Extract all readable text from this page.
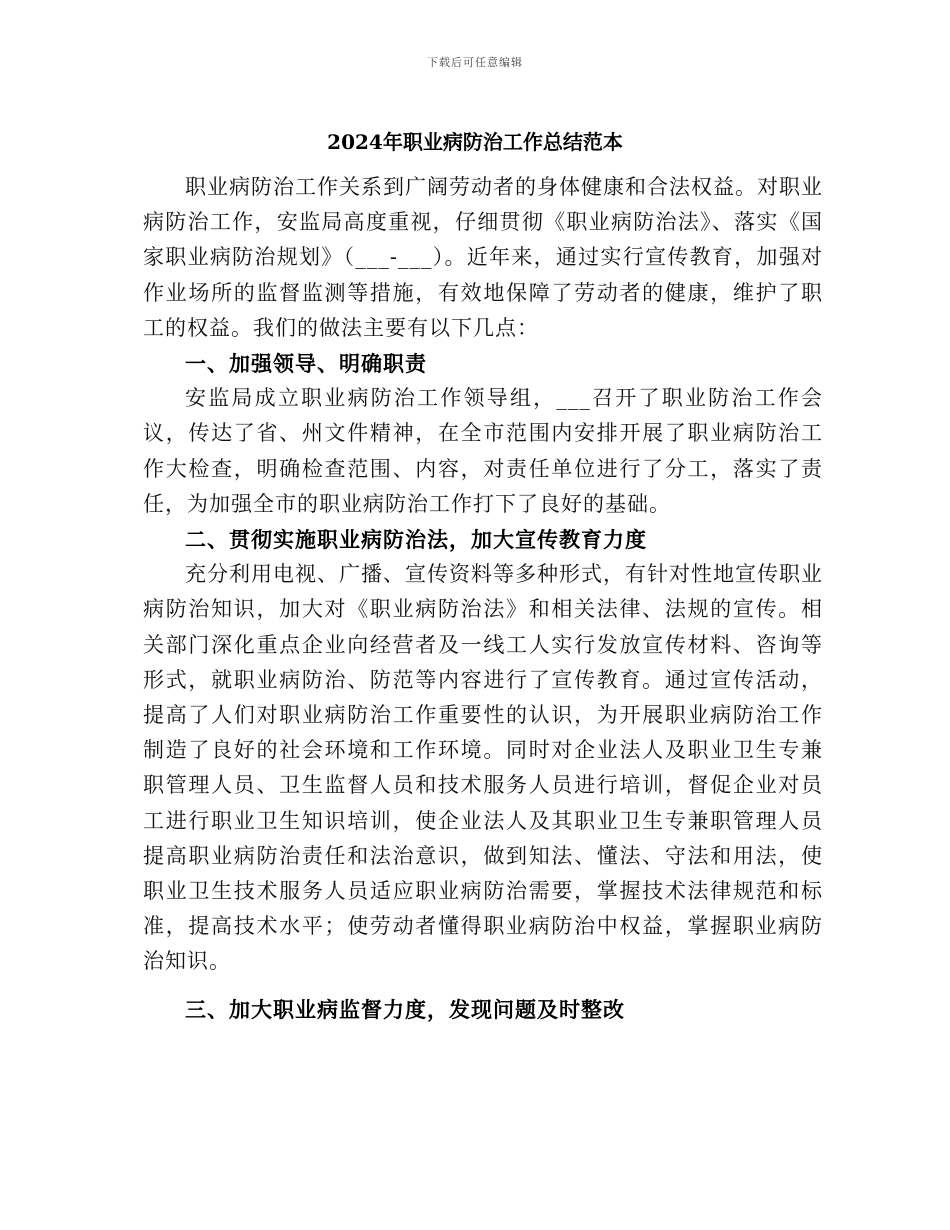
下载后可任意编辑
2024年职业病防治工作总结范本

职业病防治工作关系到广阔劳动者的身体健康和合法权益。对职业病防治工作，安监局高度重视，仔细贯彻《职业病防治法》、落实《国家职业病防治规划》（___-___）。近年来，通过实行宣传教育，加强对作业场所的监督监测等措施，有效地保障了劳动者的健康，维护了职工的权益。我们的做法主要有以下几点：

一、加强领导、明确职责

安监局成立职业病防治工作领导组，___召开了职业防治工作会议，传达了省、州文件精神，在全市范围内安排开展了职业病防治工作大检查，明确检查范围、内容，对责任单位进行了分工，落实了责任，为加强全市的职业病防治工作打下了良好的基础。

二、贯彻实施职业病防治法，加大宣传教育力度

充分利用电视、广播、宣传资料等多种形式，有针对性地宣传职业病防治知识，加大对《职业病防治法》和相关法律、法规的宣传。相关部门深化重点企业向经营者及一线工人实行发放宣传材料、咨询等形式，就职业病防治、防范等内容进行了宣传教育。通过宣传活动，提高了人们对职业病防治工作重要性的认识，为开展职业病防治工作制造了良好的社会环境和工作环境。同时对企业法人及职业卫生专兼职管理人员、卫生监督人员和技术服务人员进行培训，督促企业对员工进行职业卫生知识培训，使企业法人及其职业卫生专兼职管理人员提高职业病防治责任和法治意识，做到知法、懂法、守法和用法，使职业卫生技术服务人员适应职业病防治需要，掌握技术法律规范和标准，提高技术水平；使劳动者懂得职业病防治中权益，掌握职业病防治知识。

三、加大职业病监督力度，发现问题及时整改
